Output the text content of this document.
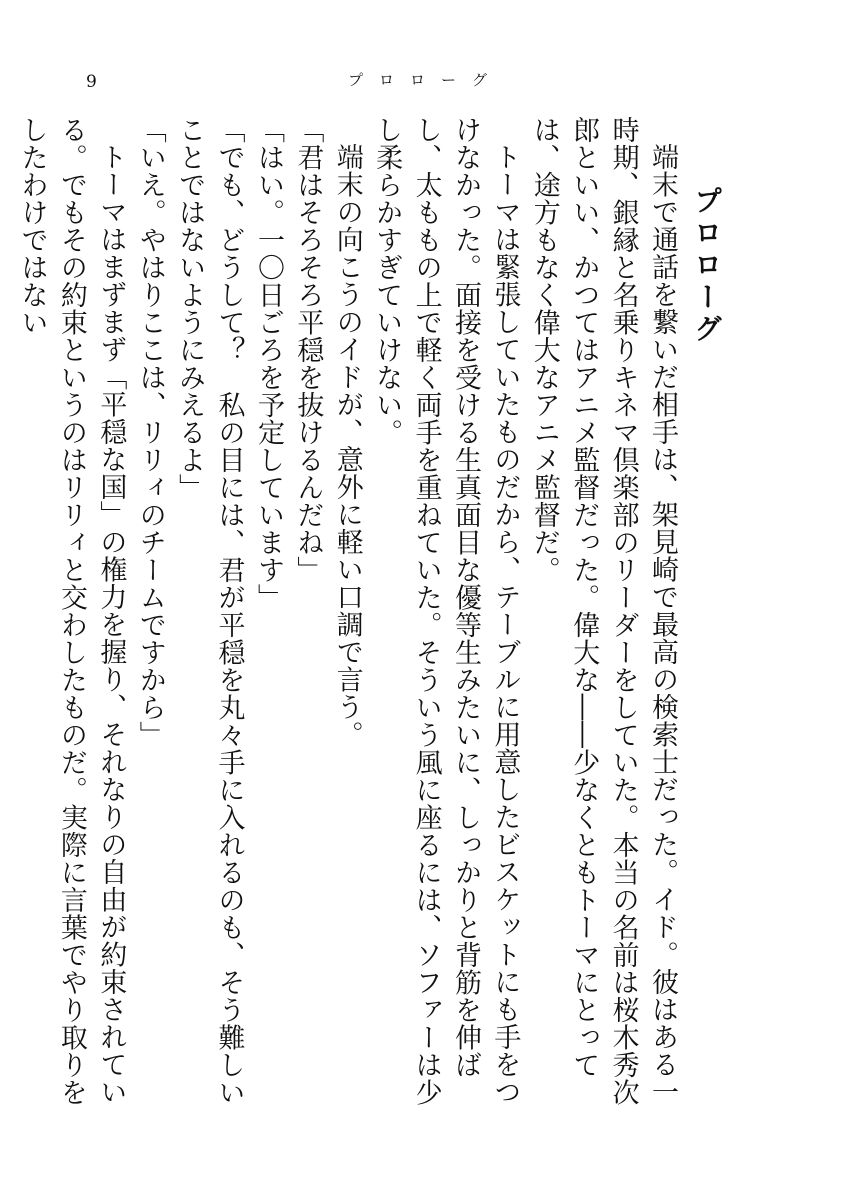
9	プロローグ
プロローグ

端末で通話を繋いだ相手は、架見崎で最高の検索士だった。イド。彼はある一時期、銀縁と名乗りキネマ倶楽部のリーダーをしていた。本当の名前は桜木秀次郎といい、かつてはアニメ監督だった。偉大な――少なくともトーマにとっては、途方もなく偉大なアニメ監督だ。

トーマは緊張していたものだから、テーブルに用意したビスケットにも手をつけなかった。面接を受ける生真面目な優等生みたいに、しっかりと背筋を伸ばし、太ももの上で軽く両手を重ねていた。そういう風に座るには、ソファーは少し柔らかすぎていけない。

端末の向こうのイドが、意外に軽い口調で言う。

「君はそろそろ平穏を抜けるんだね」

「はい。一〇日ごろを予定しています」

「でも、どうして？　私の目には、君が平穏を丸々手に入れるのも、そう難しいことではないようにみえるよ」

「いえ。やはりここは、リリィのチームですから」

トーマはまずまず「平穏な国」の権力を握り、それなりの自由が約束されている。でもその約束というのはリリィと交わしたものだ。実際に言葉でやり取りをしたわけではない
